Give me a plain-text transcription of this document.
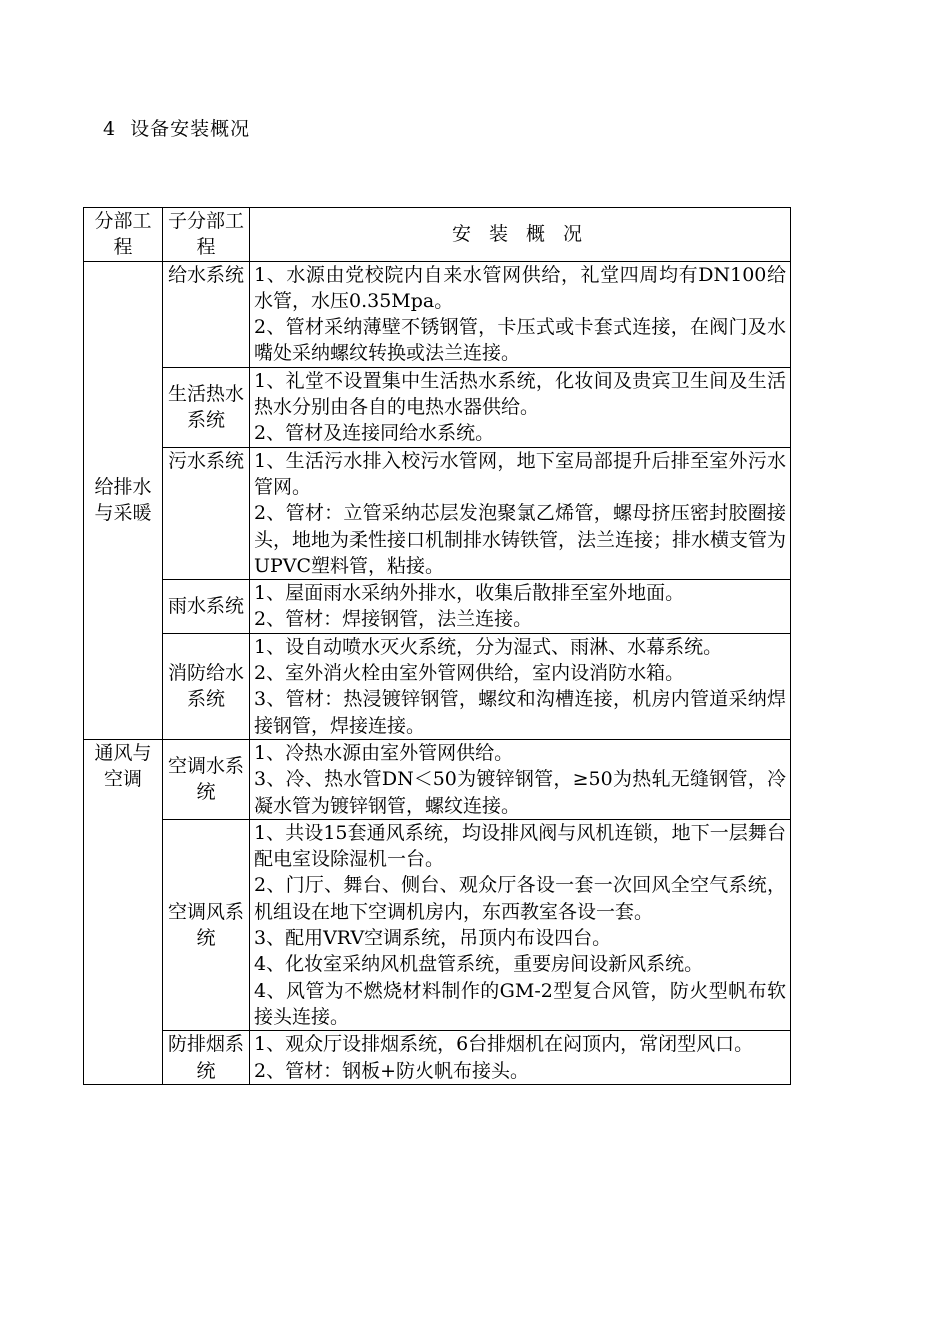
4 设备安装概况
分部工程	子分部工程	安 装 概 况
给排水与采暖	给水系统	1、水源由党校院内自来水管网供给，礼堂四周均有DN100给水管，水压0.35Mpa。

2、管材采纳薄壁不锈钢管，卡压式或卡套式连接，在阀门及水嘴处采纳螺纹转换或法兰连接。

	生活热水系统	1、礼堂不设置集中生活热水系统，化妆间及贵宾卫生间及生活热水分别由各自的电热水器供给。

2、管材及连接同给水系统。

	污水系统	1、生活污水排入校污水管网，地下室局部提升后排至室外污水管网。

2、管材：立管采纳芯层发泡聚氯乙烯管，螺母挤压密封胶圈接头，地地为柔性接口机制排水铸铁管，法兰连接；排水横支管为UPVC塑料管，粘接。

	雨水系统	1、屋面雨水采纳外排水，收集后散排至室外地面。

2、管材：焊接钢管，法兰连接。

	消防给水系统	1、设自动喷水灭火系统，分为湿式、雨淋、水幕系统。

2、室外消火栓由室外管网供给，室内设消防水箱。

3、管材：热浸镀锌钢管，螺纹和沟槽连接，机房内管道采纳焊接钢管，焊接连接。

通风与空调	空调水系统	1、冷热水源由室外管网供给。

3、冷、热水管DN＜50为镀锌钢管，≥50为热轧无缝钢管，冷凝水管为镀锌钢管，螺纹连接。

	空调风系统	1、共设15套通风系统，均设排风阀与风机连锁，地下一层舞台配电室设除湿机一台。

2、门厅、舞台、侧台、观众厅各设一套一次回风全空气系统，机组设在地下空调机房内，东西教室各设一套。

3、配用VRV空调系统，吊顶内布设四台。

4、化妆室采纳风机盘管系统，重要房间设新风系统。

4、风管为不燃烧材料制作的GM-2型复合风管，防火型帆布软接头连接。

	防排烟系统	1、观众厅设排烟系统，6台排烟机在闷顶内，常闭型风口。

2、管材：钢板+防火帆布接头。
